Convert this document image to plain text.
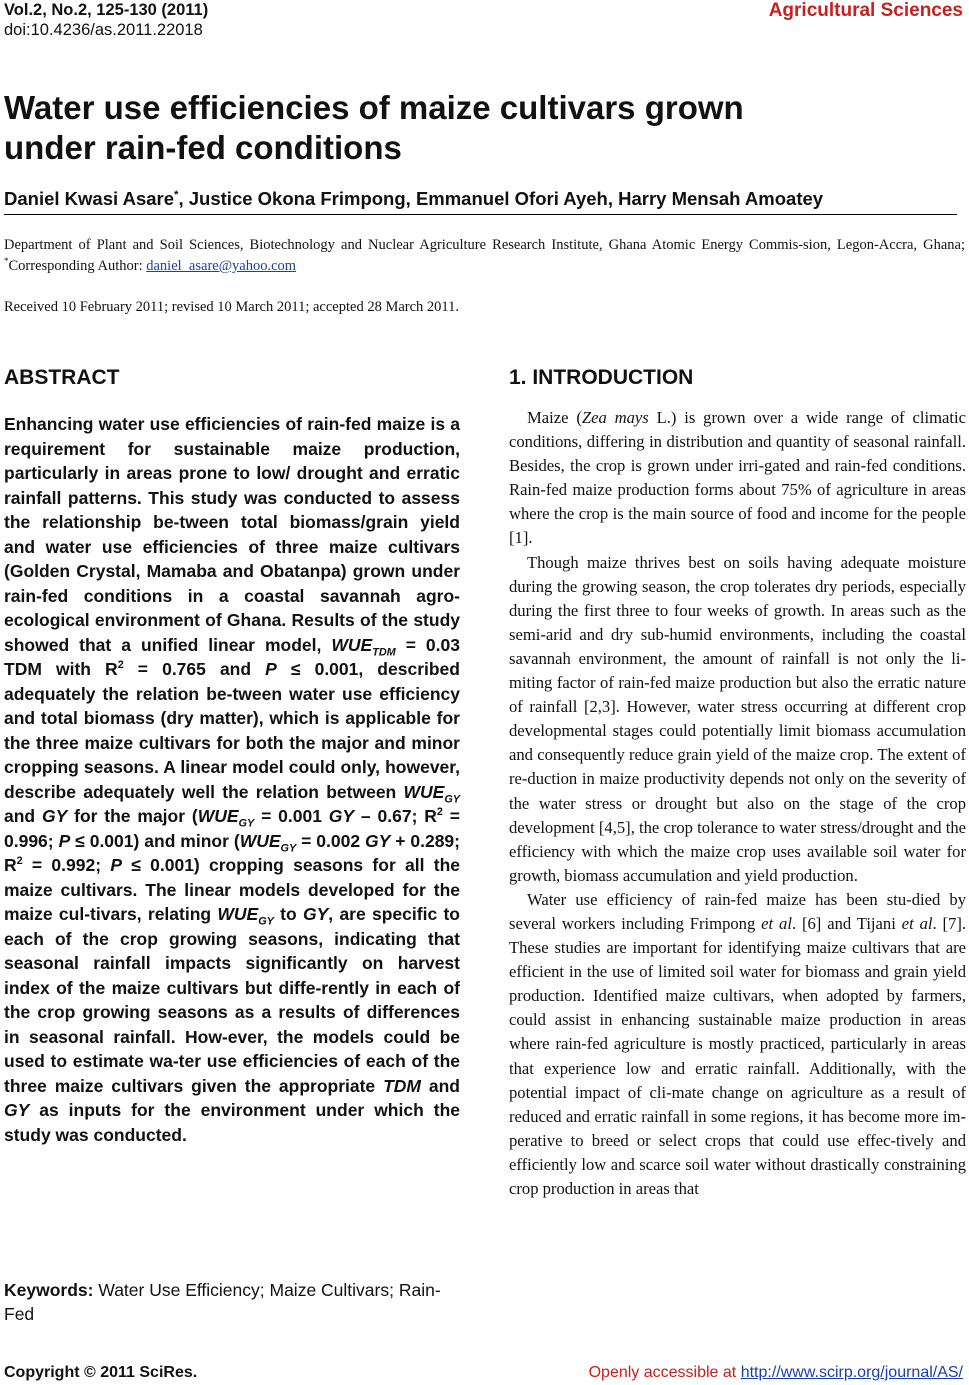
Vol.2, No.2, 125-130 (2011)
doi:10.4236/as.2011.22018
Agricultural Sciences
Water use efficiencies of maize cultivars grown
under rain-fed conditions
Daniel Kwasi Asare*, Justice Okona Frimpong, Emmanuel Ofori Ayeh, Harry Mensah Amoatey
Department of Plant and Soil Sciences, Biotechnology and Nuclear Agriculture Research Institute, Ghana Atomic Energy Commis-sion, Legon-Accra, Ghana; *Corresponding Author: daniel_asare@yahoo.com
Received 10 February 2011; revised 10 March 2011; accepted 28 March 2011.
ABSTRACT

Enhancing water use efficiencies of rain-fed maize is a requirement for sustainable maize production, particularly in areas prone to low/ drought and erratic rainfall patterns. This study was conducted to assess the relationship be-tween total biomass/grain yield and water use efficiencies of three maize cultivars (Golden Crystal, Mamaba and Obatanpa) grown under rain-fed conditions in a coastal savannah agro-ecological environment of Ghana. Results of the study showed that a unified linear model, $WUE_{TDM} = 0.03$ TDM with $R^2 = 0.765$ and P ≤ 0.001, described adequately the relation be-tween water use efficiency and total biomass (dry matter), which is applicable for the three maize cultivars for both the major and minor cropping seasons. A linear model could only, however, describe adequately well the relation between $WUE_{GY}$ and GY for the major ($WUE_{GY} = 0.001$ GY – 0.67; $R^2 = 0.996$; P ≤ 0.001) and minor ($WUE_{GY} = 0.002$ GY + 0.289; $R^2 = 0.992$; P ≤ 0.001) cropping seasons for all the maize cultivars. The linear models developed for the maize cul-tivars, relating $WUE_{GY}$ to GY, are specific to each of the crop growing seasons, indicating that seasonal rainfall impacts significantly on harvest index of the maize cultivars but diffe-rently in each of the crop growing seasons as a results of differences in seasonal rainfall. How-ever, the models could be used to estimate wa-ter use efficiencies of each of the three maize cultivars given the appropriate TDM and GY as inputs for the environment under which the study was conducted.

Keywords: Water Use Efficiency; Maize Cultivars; Rain-Fed
1. INTRODUCTION

Maize (Zea mays L.) is grown over a wide range of climatic conditions, differing in distribution and quantity of seasonal rainfall. Besides, the crop is grown under irri-gated and rain-fed conditions. Rain-fed maize production forms about 75% of agriculture in areas where the crop is the main source of food and income for the people [1].

Though maize thrives best on soils having adequate moisture during the growing season, the crop tolerates dry periods, especially during the first three to four weeks of growth. In areas such as the semi-arid and dry sub-humid environments, including the coastal savannah environment, the amount of rainfall is not only the li-miting factor of rain-fed maize production but also the erratic nature of rainfall [2,3]. However, water stress occurring at different crop developmental stages could potentially limit biomass accumulation and consequently reduce grain yield of the maize crop. The extent of re-duction in maize productivity depends not only on the severity of the water stress or drought but also on the stage of the crop development [4,5], the crop tolerance to water stress/drought and the efficiency with which the maize crop uses available soil water for growth, biomass accumulation and yield production.

Water use efficiency of rain-fed maize has been stu-died by several workers including Frimpong et al. [6] and Tijani et al. [7]. These studies are important for identifying maize cultivars that are efficient in the use of limited soil water for biomass and grain yield production. Identified maize cultivars, when adopted by farmers, could assist in enhancing sustainable maize production in areas where rain-fed agriculture is mostly practiced, particularly in areas that experience low and erratic rainfall. Additionally, with the potential impact of cli-mate change on agriculture as a result of reduced and erratic rainfall in some regions, it has become more im-perative to breed or select crops that could use effec-tively and efficiently low and scarce soil water without drastically constraining crop production in areas that

Copyright © 2011 SciRes.	Openly accessible at http://www.scirp.org/journal/AS/
